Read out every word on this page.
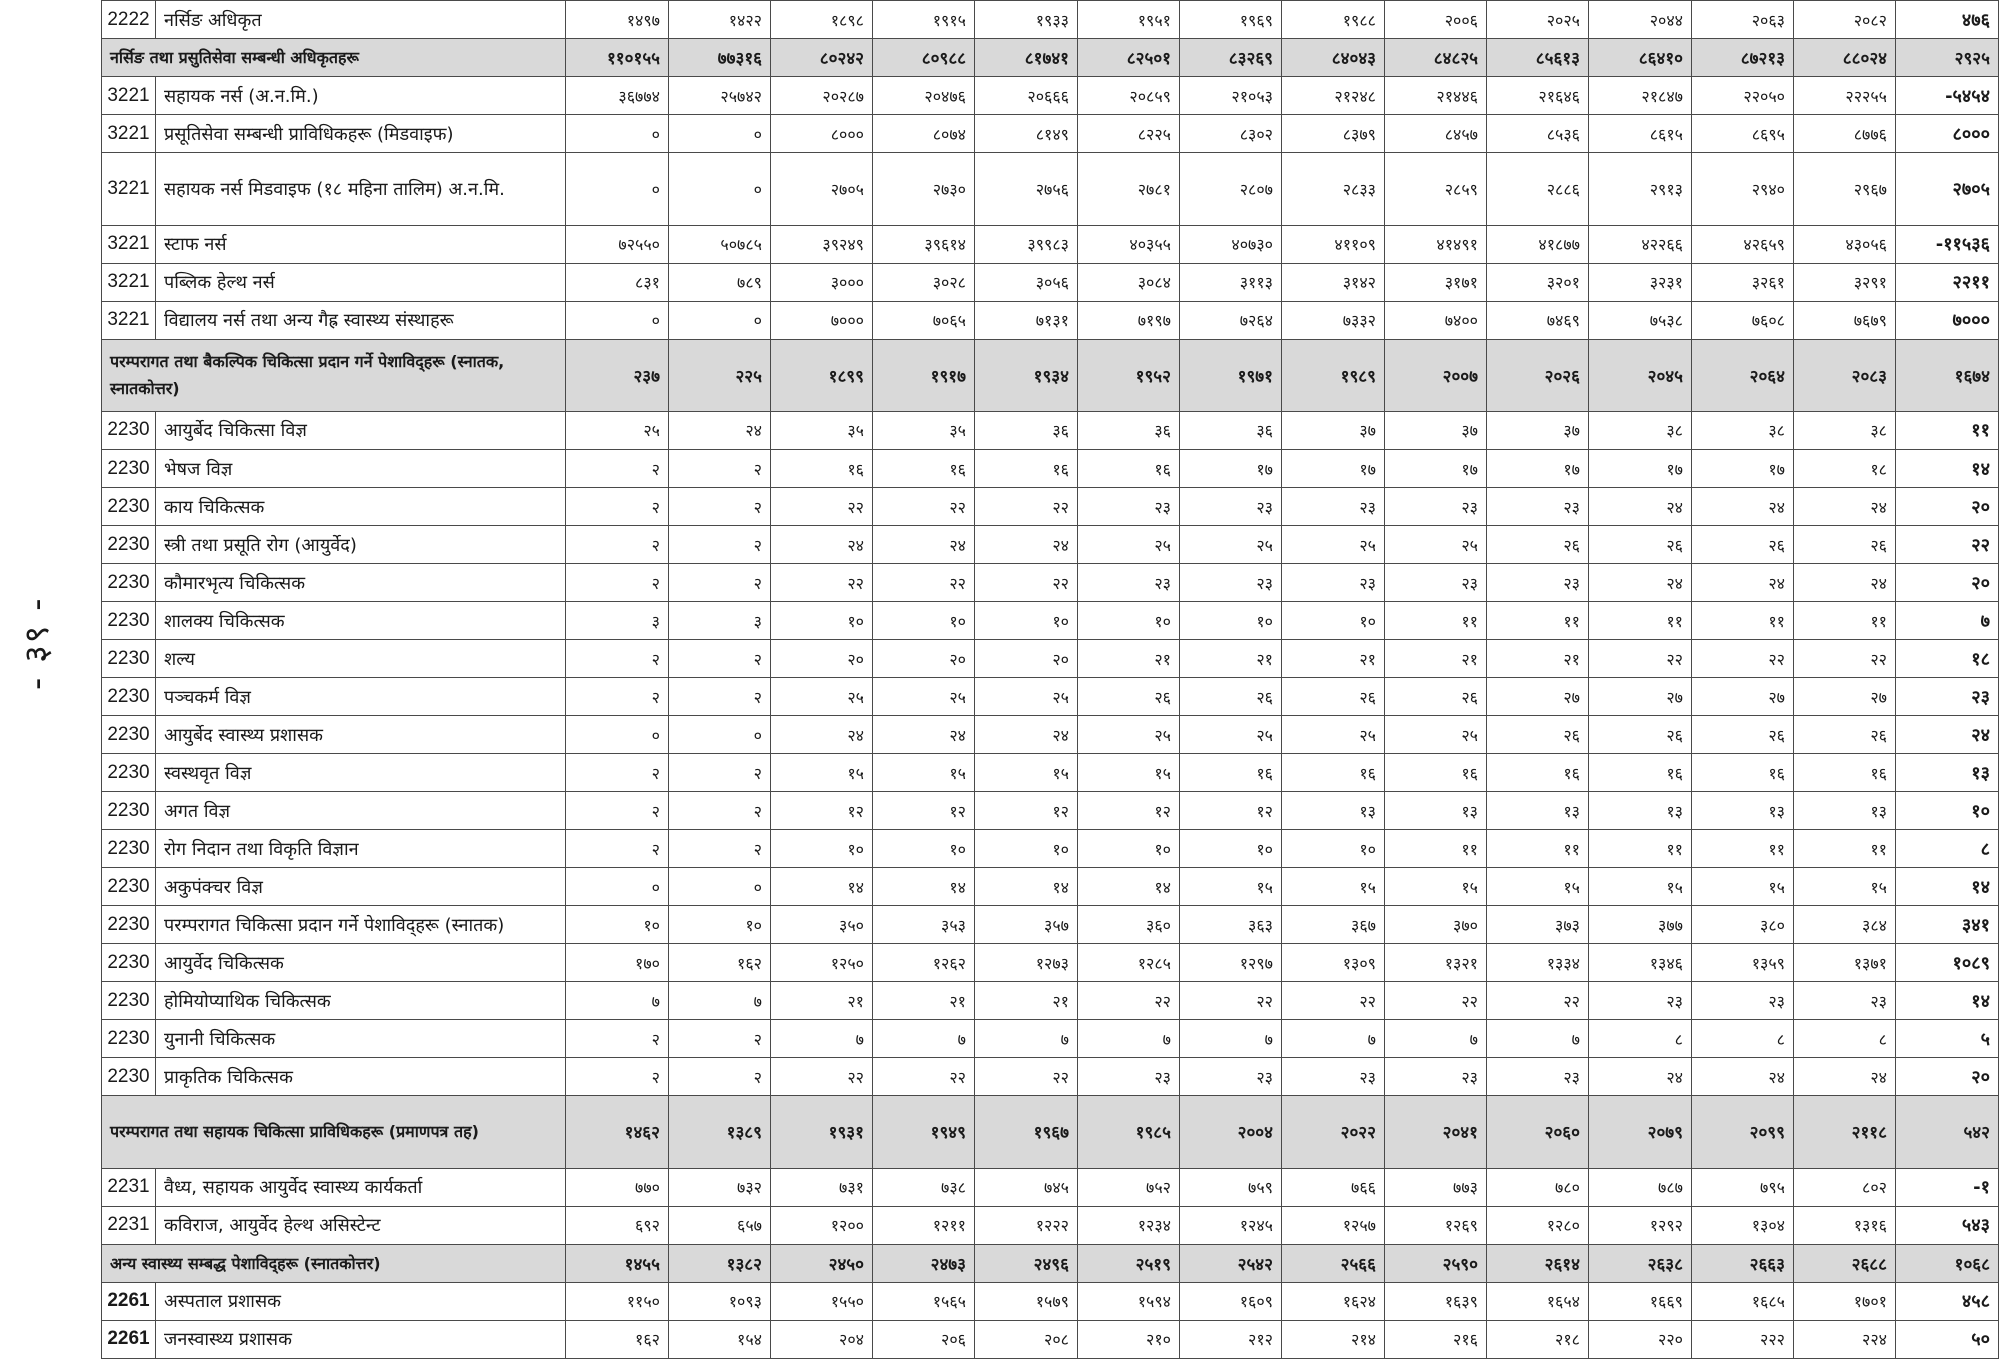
- ३९ -
2222	नर्सिङ अधिकृत	१४९७	१४२२	१८९८	१९१५	१९३३	१९५१	१९६९	१९८८	२००६	२०२५	२०४४	२०६३	२०८२	४७६
नर्सिङ तथा प्रसुतिसेवा सम्बन्धी अधिकृतहरू		११०१५५	७७३१६	८०२४२	८०९८८	८१७४१	८२५०१	८३२६९	८४०४३	८४८२५	८५६१३	८६४१०	८७२१३	८८०२४	२९२५
3221	सहायक नर्स (अ.न.मि.)	३६७७४	२५७४२	२०२८७	२०४७६	२०६६६	२०८५९	२१०५३	२१२४८	२१४४६	२१६४६	२१८४७	२२०५०	२२२५५	-५४५४
3221	प्रसूतिसेवा सम्बन्धी प्राविधिकहरू (मिडवाइफ)	०	०	८०००	८०७४	८१४९	८२२५	८३०२	८३७९	८४५७	८५३६	८६१५	८६९५	८७७६	८०००
3221	सहायक नर्स मिडवाइफ (१८ महिना तालिम) अ.न.मि.	०	०	२७०५	२७३०	२७५६	२७८१	२८०७	२८३३	२८५९	२८८६	२९१३	२९४०	२९६७	२७०५
3221	स्टाफ नर्स	७२५५०	५०७८५	३९२४९	३९६१४	३९९८३	४०३५५	४०७३०	४११०९	४१४९१	४१८७७	४२२६६	४२६५९	४३०५६	-११५३६
3221	पब्लिक हेल्थ नर्स	८३१	७८९	३०००	३०२८	३०५६	३०८४	३११३	३१४२	३१७१	३२०१	३२३१	३२६१	३२९१	२२११
3221	विद्यालय नर्स तथा अन्य गैह्र स्वास्थ्य संस्थाहरू	०	०	७०००	७०६५	७१३१	७१९७	७२६४	७३३२	७४००	७४६९	७५३८	७६०८	७६७९	७०००
परम्परागत तथा बैकल्पिक चिकित्सा प्रदान गर्ने पेशाविद्हरू (स्नातक, स्नातकोत्तर)		२३७	२२५	१८९९	१९१७	१९३४	१९५२	१९७१	१९८९	२००७	२०२६	२०४५	२०६४	२०८३	१६७४
2230	आयुर्बेद चिकित्सा विज्ञ	२५	२४	३५	३५	३६	३६	३६	३७	३७	३७	३८	३८	३८	११
2230	भेषज विज्ञ	२	२	१६	१६	१६	१६	१७	१७	१७	१७	१७	१७	१८	१४
2230	काय चिकित्सक	२	२	२२	२२	२२	२३	२३	२३	२३	२३	२४	२४	२४	२०
2230	स्त्री तथा प्रसूति रोग (आयुर्वेद)	२	२	२४	२४	२४	२५	२५	२५	२५	२६	२६	२६	२६	२२
2230	कौमारभृत्य चिकित्सक	२	२	२२	२२	२२	२३	२३	२३	२३	२३	२४	२४	२४	२०
2230	शालक्य चिकित्सक	३	३	१०	१०	१०	१०	१०	१०	११	११	११	११	११	७
2230	शल्य	२	२	२०	२०	२०	२१	२१	२१	२१	२१	२२	२२	२२	१८
2230	पञ्चकर्म विज्ञ	२	२	२५	२५	२५	२६	२६	२६	२६	२७	२७	२७	२७	२३
2230	आयुर्बेद स्वास्थ्य प्रशासक	०	०	२४	२४	२४	२५	२५	२५	२५	२६	२६	२६	२६	२४
2230	स्वस्थवृत विज्ञ	२	२	१५	१५	१५	१५	१६	१६	१६	१६	१६	१६	१६	१३
2230	अगत विज्ञ	२	२	१२	१२	१२	१२	१२	१३	१३	१३	१३	१३	१३	१०
2230	रोग निदान तथा विकृति विज्ञान	२	२	१०	१०	१०	१०	१०	१०	११	११	११	११	११	८
2230	अकुपंक्चर विज्ञ	०	०	१४	१४	१४	१४	१५	१५	१५	१५	१५	१५	१५	१४
2230	परम्परागत चिकित्सा प्रदान गर्ने पेशाविद्हरू (स्नातक)	१०	१०	३५०	३५३	३५७	३६०	३६३	३६७	३७०	३७३	३७७	३८०	३८४	३४१
2230	आयुर्वेद चिकित्सक	१७०	१६२	१२५०	१२६२	१२७३	१२८५	१२९७	१३०९	१३२१	१३३४	१३४६	१३५९	१३७१	१०८९
2230	होमियोप्याथिक चिकित्सक	७	७	२१	२१	२१	२२	२२	२२	२२	२२	२३	२३	२३	१४
2230	युनानी चिकित्सक	२	२	७	७	७	७	७	७	७	७	८	८	८	५
2230	प्राकृतिक चिकित्सक	२	२	२२	२२	२२	२३	२३	२३	२३	२३	२४	२४	२४	२०
परम्परागत तथा सहायक चिकित्सा प्राविधिकहरू (प्रमाणपत्र तह)		१४६२	१३८९	१९३१	१९४९	१९६७	१९८५	२००४	२०२२	२०४१	२०६०	२०७९	२०९९	२११८	५४२
2231	वैध्य, सहायक आयुर्वेद स्वास्थ्य कार्यकर्ता	७७०	७३२	७३१	७३८	७४५	७५२	७५९	७६६	७७३	७८०	७८७	७९५	८०२	-१
2231	कविराज, आयुर्वेद हेल्थ असिस्टेन्ट	६९२	६५७	१२००	१२११	१२२२	१२३४	१२४५	१२५७	१२६९	१२८०	१२९२	१३०४	१३१६	५४३
अन्य स्वास्थ्य सम्बद्ध पेशाविद्हरू (स्नातकोत्तर)		१४५५	१३८२	२४५०	२४७३	२४९६	२५१९	२५४२	२५६६	२५९०	२६१४	२६३८	२६६३	२६८८	१०६८
2261	अस्पताल प्रशासक	११५०	१०९३	१५५०	१५६५	१५७९	१५९४	१६०९	१६२४	१६३९	१६५४	१६६९	१६८५	१७०१	४५८
2261	जनस्वास्थ्य प्रशासक	१६२	१५४	२०४	२०६	२०८	२१०	२१२	२१४	२१६	२१८	२२०	२२२	२२४	५०
